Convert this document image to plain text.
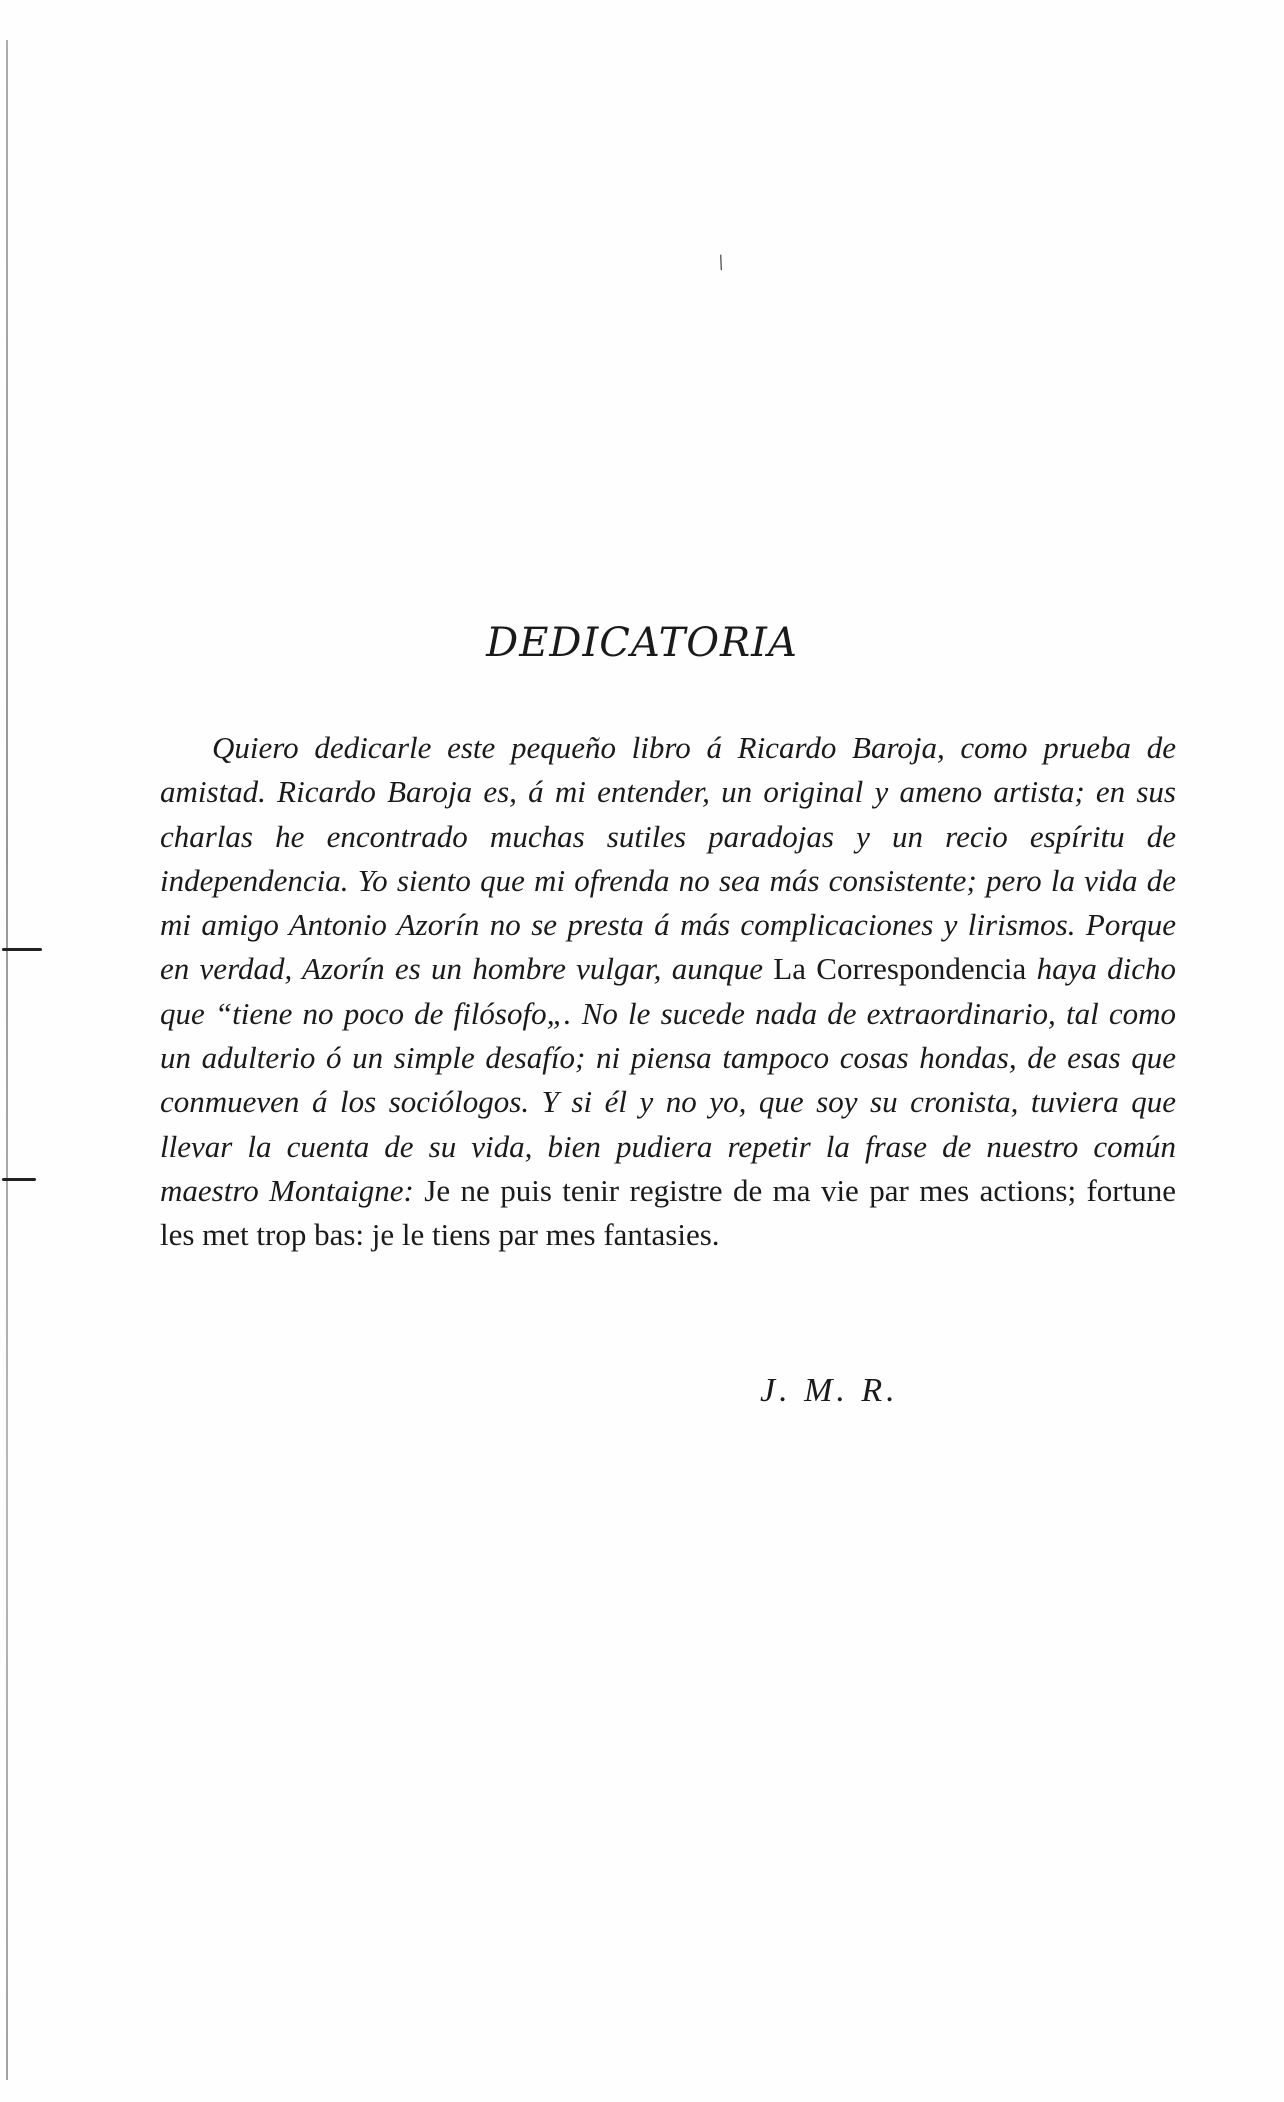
/
DEDICATORIA

Quiero dedicarle este pequeño libro á Ricardo Baroja, como prueba de amistad. Ricardo Baroja es, á mi entender, un original y ameno artista; en sus charlas he encontrado muchas sutiles paradojas y un recio espíritu de independencia. Yo siento que mi ofrenda no sea más consistente; pero la vida de mi amigo Antonio Azorín no se presta á más complicaciones y lirismos. Porque en verdad, Azorín es un hombre vulgar, aunque La Correspondencia haya dicho que “tiene no poco de filósofo„. No le sucede nada de extraordinario, tal como un adulterio ó un simple desafío; ni piensa tampoco cosas hondas, de esas que conmueven á los sociólogos. Y si él y no yo, que soy su cronista, tuviera que llevar la cuenta de su vida, bien pudiera repetir la frase de nuestro común maestro Montaigne: Je ne puis tenir registre de ma vie par mes actions; fortune les met trop bas: je le tiens par mes fantasies.

J. M. R.
